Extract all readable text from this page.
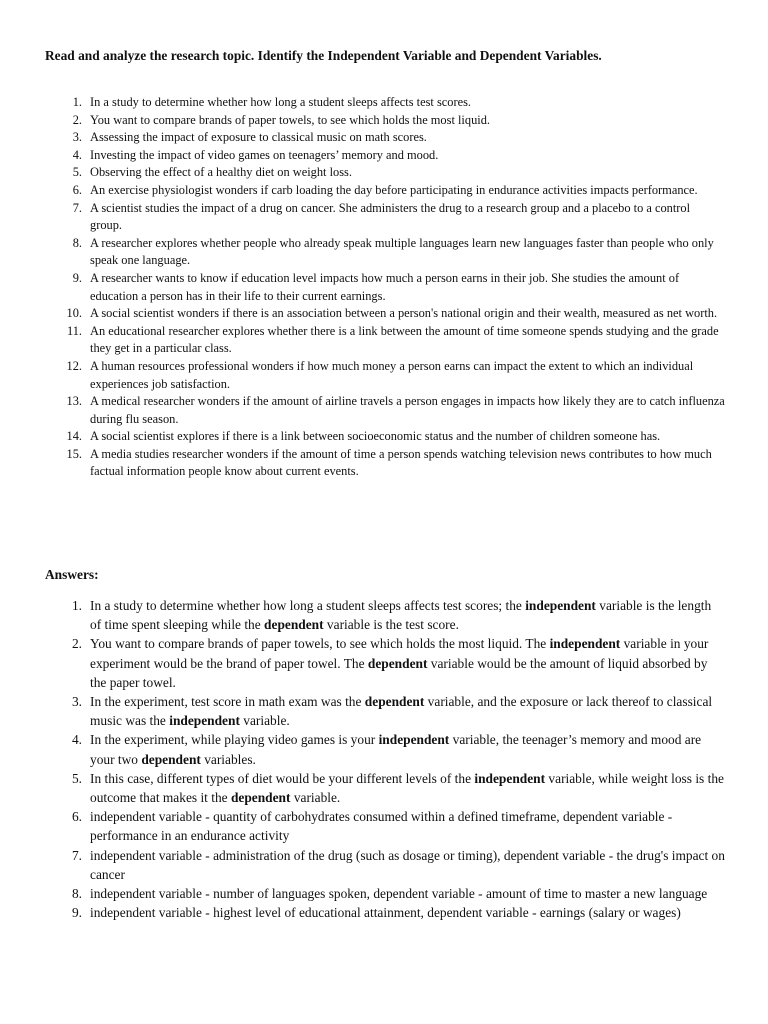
Read and analyze the research topic. Identify the Independent Variable and Dependent Variables.

1. In a study to determine whether how long a student sleeps affects test scores.
2. You want to compare brands of paper towels, to see which holds the most liquid.
3. Assessing the impact of exposure to classical music on math scores.
4. Investing the impact of video games on teenagers’ memory and mood.
5. Observing the effect of a healthy diet on weight loss.
6. An exercise physiologist wonders if carb loading the day before participating in endurance activities impacts performance.
7. A scientist studies the impact of a drug on cancer. She administers the drug to a research group and a placebo to a control group.
8. A researcher explores whether people who already speak multiple languages learn new languages faster than people who only speak one language.
9. A researcher wants to know if education level impacts how much a person earns in their job. She studies the amount of education a person has in their life to their current earnings.
10. A social scientist wonders if there is an association between a person's national origin and their wealth, measured as net worth.
11. An educational researcher explores whether there is a link between the amount of time someone spends studying and the grade they get in a particular class.
12. A human resources professional wonders if how much money a person earns can impact the extent to which an individual experiences job satisfaction.
13. A medical researcher wonders if the amount of airline travels a person engages in impacts how likely they are to catch influenza during flu season.
14. A social scientist explores if there is a link between socioeconomic status and the number of children someone has.
15. A media studies researcher wonders if the amount of time a person spends watching television news contributes to how much factual information people know about current events.

Answers:

1. In a study to determine whether how long a student sleeps affects test scores; the independent variable is the length of time spent sleeping while the dependent variable is the test score.
2. You want to compare brands of paper towels, to see which holds the most liquid. The independent variable in your experiment would be the brand of paper towel. The dependent variable would be the amount of liquid absorbed by the paper towel.
3. In the experiment, test score in math exam was the dependent variable, and the exposure or lack thereof to classical music was the independent variable.
4. In the experiment, while playing video games is your independent variable, the teenager’s memory and mood are your two dependent variables.
5. In this case, different types of diet would be your different levels of the independent variable, while weight loss is the outcome that makes it the dependent variable.
6. independent variable - quantity of carbohydrates consumed within a defined timeframe, dependent variable - performance in an endurance activity
7. independent variable - administration of the drug (such as dosage or timing), dependent variable - the drug's impact on cancer
8. independent variable - number of languages spoken, dependent variable - amount of time to master a new language
9. independent variable - highest level of educational attainment, dependent variable - earnings (salary or wages)
